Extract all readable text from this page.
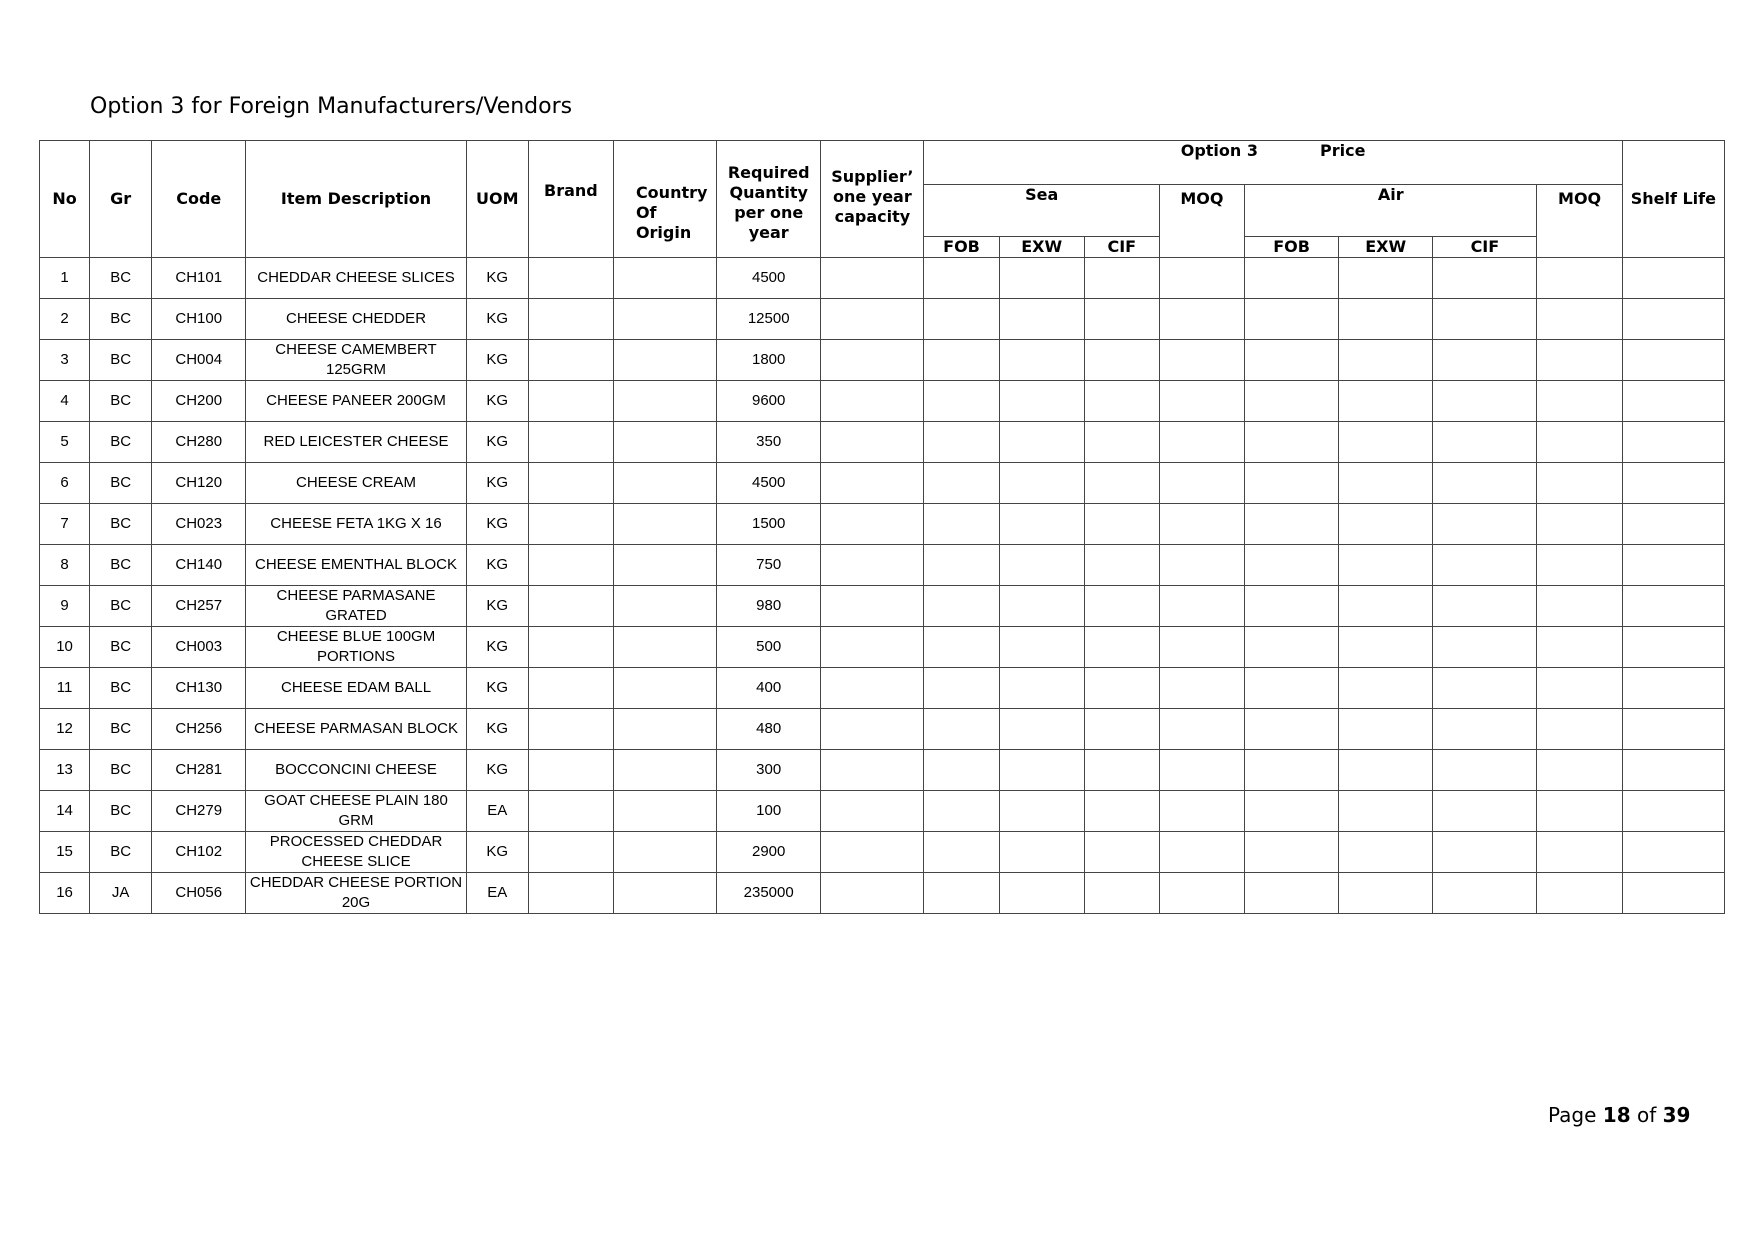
Option 3 for Foreign Manufacturers/Vendors
No	Gr	Code	Item Description	UOM	Brand	Country Of Origin	Required Quantity per one year	Supplier’ one year capacity	Option 3 Price								Shelf Life
									Sea			MOQ	Air			MOQ	
									FOB	EXW	CIF		FOB	EXW	CIF		
1	BC	CH101	CHEDDAR CHEESE SLICES	KG			4500										
2	BC	CH100	CHEESE CHEDDER	KG			12500										
3	BC	CH004	CHEESE CAMEMBERT 125GRM	KG			1800										
4	BC	CH200	CHEESE PANEER 200GM	KG			9600										
5	BC	CH280	RED LEICESTER CHEESE	KG			350										
6	BC	CH120	CHEESE CREAM	KG			4500										
7	BC	CH023	CHEESE FETA 1KG X 16	KG			1500										
8	BC	CH140	CHEESE EMENTHAL BLOCK	KG			750										
9	BC	CH257	CHEESE PARMASANE GRATED	KG			980										
10	BC	CH003	CHEESE BLUE 100GM PORTIONS	KG			500										
11	BC	CH130	CHEESE EDAM BALL	KG			400										
12	BC	CH256	CHEESE PARMASAN BLOCK	KG			480										
13	BC	CH281	BOCCONCINI CHEESE	KG			300										
14	BC	CH279	GOAT CHEESE PLAIN 180 GRM	EA			100										
15	BC	CH102	PROCESSED CHEDDAR CHEESE SLICE	KG			2900										
16	JA	CH056	CHEDDAR CHEESE PORTION 20G	EA			235000										
Page 18 of 39
